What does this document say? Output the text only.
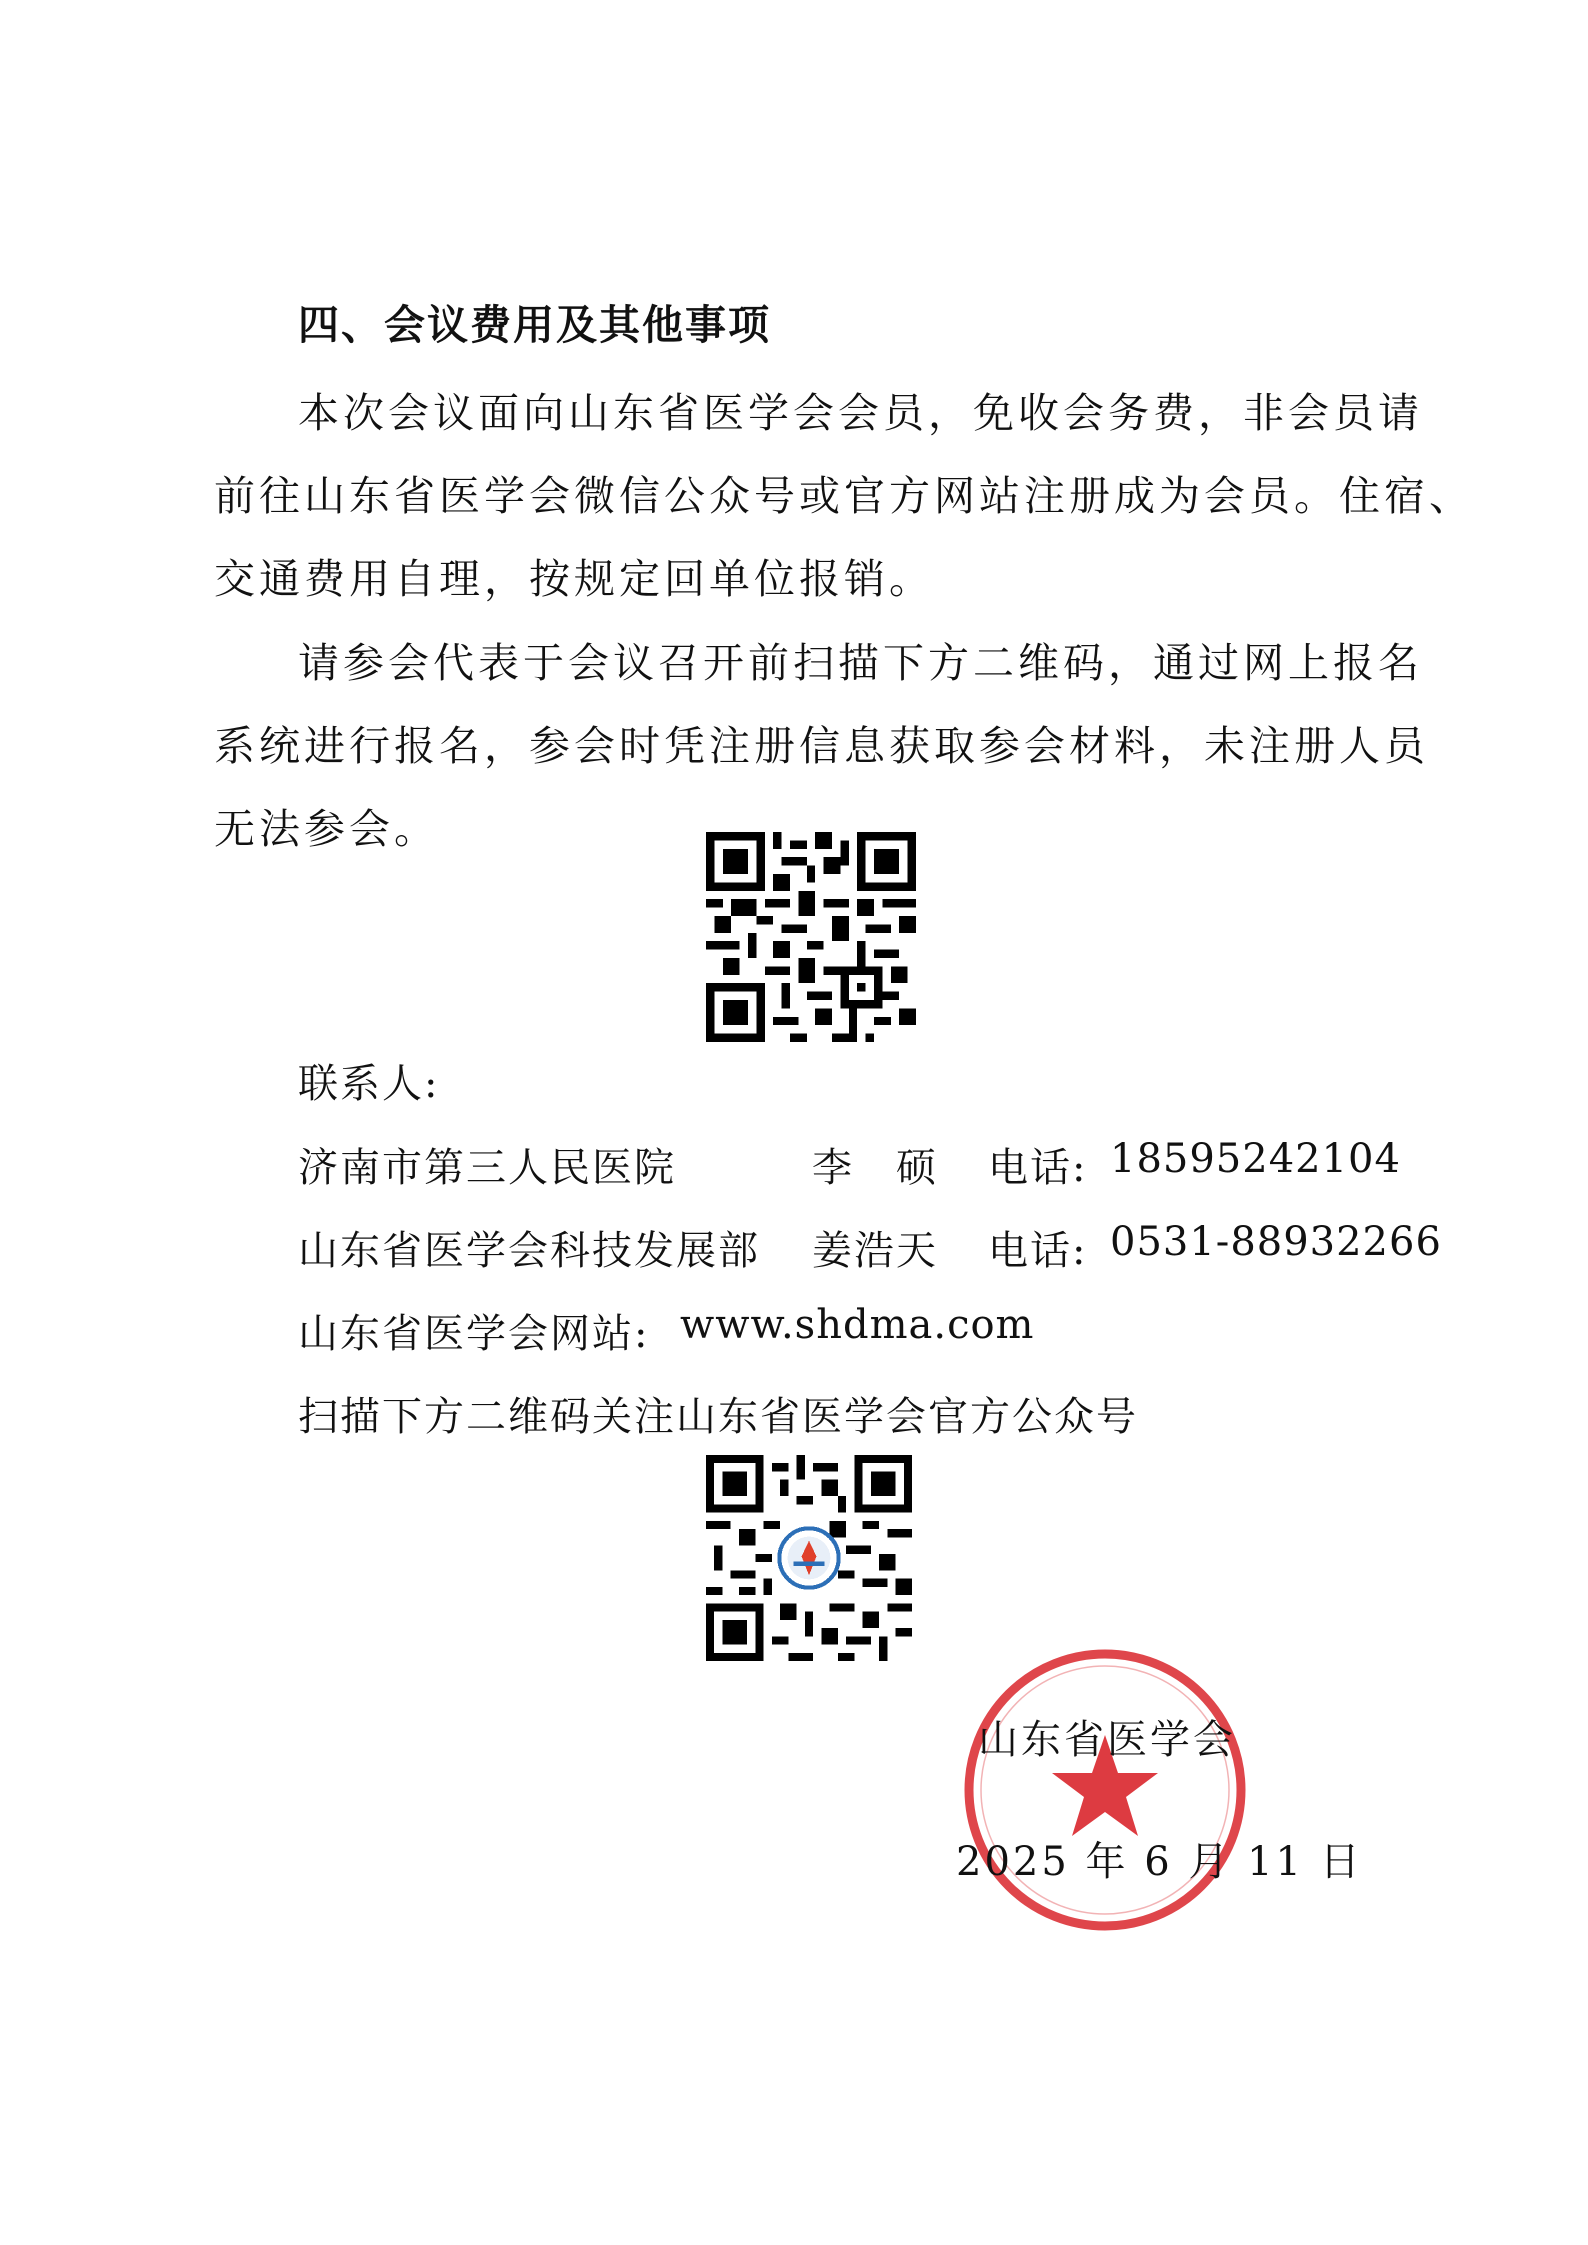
四、会议费用及其他事项
本次会议面向山东省医学会会员，免收会务费，非会员请
前往山东省医学会微信公众号或官方网站注册成为会员。住宿、
交通费用自理，按规定回单位报销。
请参会代表于会议召开前扫描下方二维码，通过网上报名
系统进行报名，参会时凭注册信息获取参会材料，未注册人员
无法参会。
联系人:
济南市第三人民医院	李　硕 电话: 18595242104
山东省医学会科技发展部 姜浩天 电话: 0531-88932266
山东省医学会网站: www.shdma.com
扫描下方二维码关注山东省医学会官方公众号
山东省医学会
2025 年 6 月 11 日
